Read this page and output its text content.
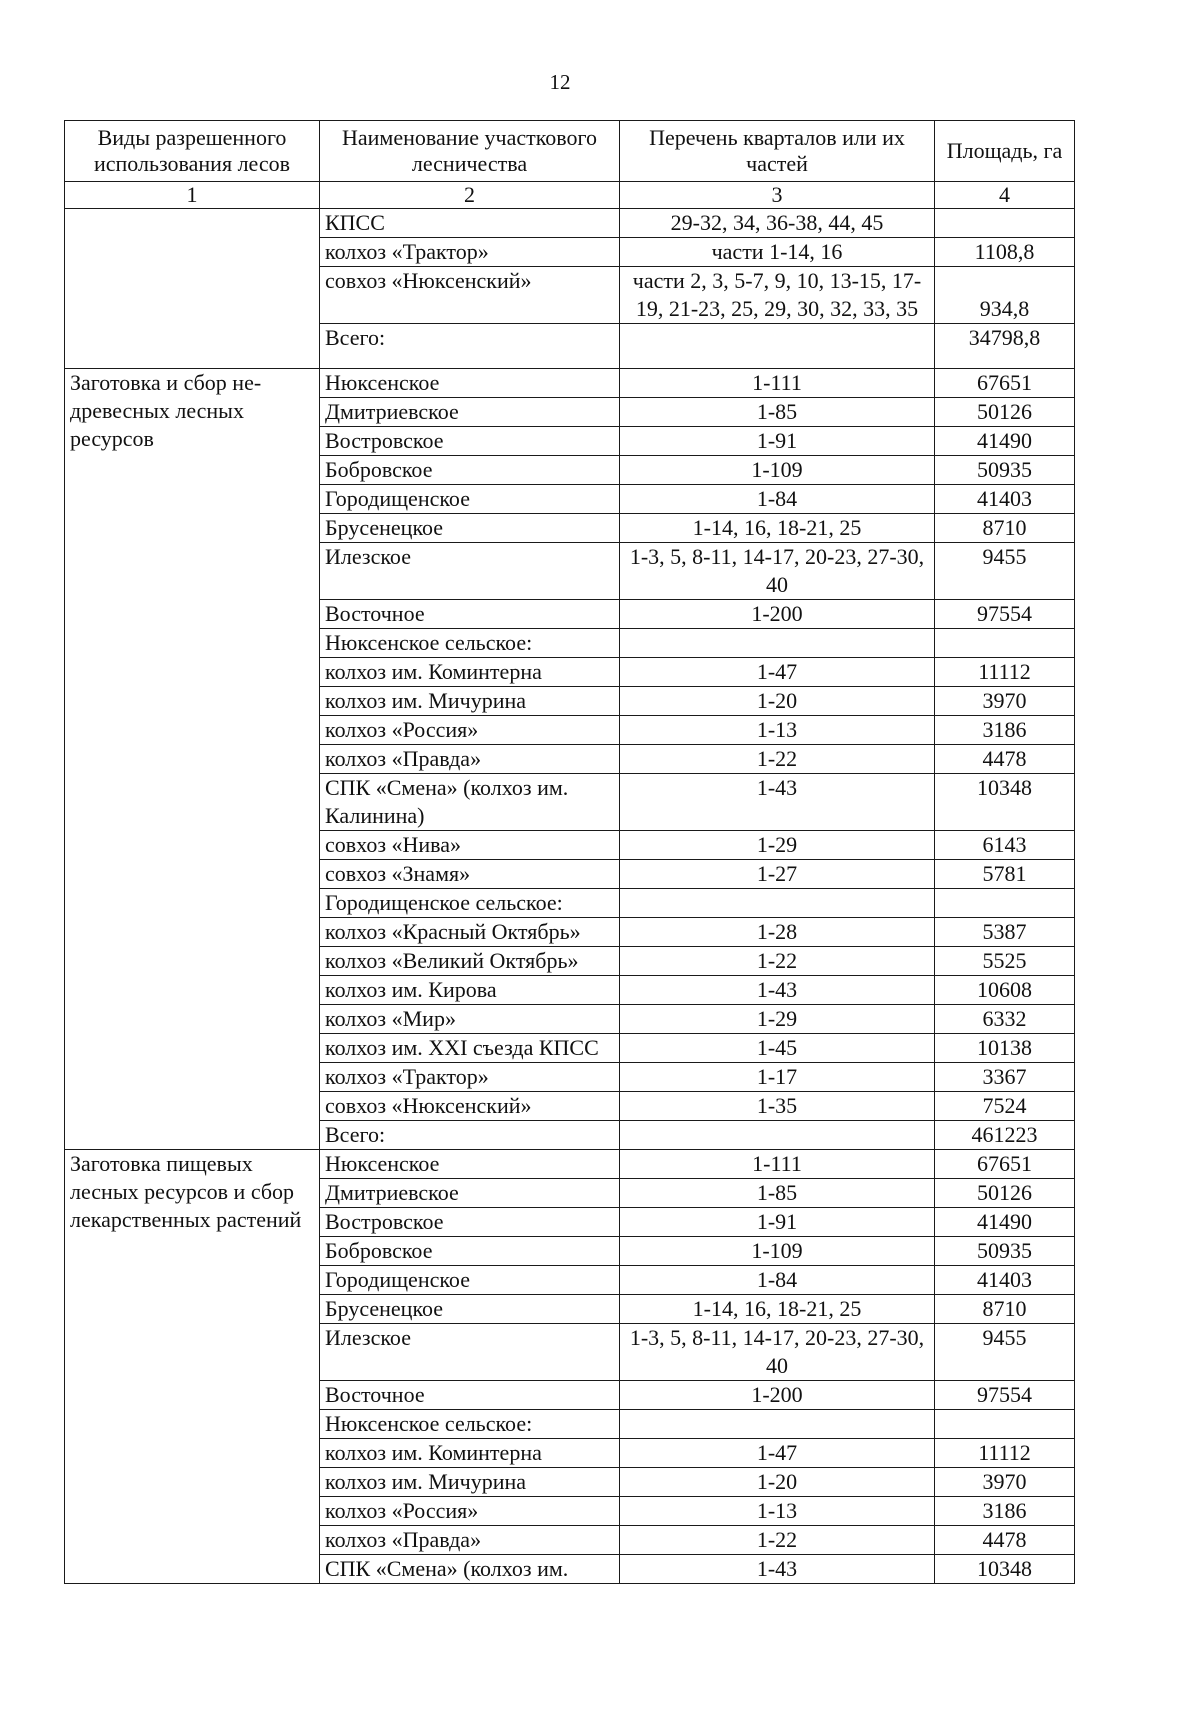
12
Виды разрешенного использования лесов	Наименование участкового лесничества	Перечень кварталов или их частей	Площадь, га
1	2	3	4
	КПСС	29-32, 34, 36-38, 44, 45	
	колхоз «Трактор»	части 1-14, 16	1108,8
	совхоз «Нюксенский»	части 2, 3, 5-7, 9, 10, 13-15, 17-19, 21-23, 25, 29, 30, 32, 33, 35	934,8
	Всего:		34798,8
Заготовка и сбор не-древесных лесных ресурсов	Нюксенское	1-111	67651
	Дмитриевское	1-85	50126
	Востровское	1-91	41490
	Бобровское	1-109	50935
	Городищенское	1-84	41403
	Брусенецкое	1-14, 16, 18-21, 25	8710
	Илезское	1-3, 5, 8-11, 14-17, 20-23, 27-30, 40	9455
	Восточное	1-200	97554
	Нюксенское сельское:		
	колхоз им. Коминтерна	1-47	11112
	колхоз им. Мичурина	1-20	3970
	колхоз «Россия»	1-13	3186
	колхоз «Правда»	1-22	4478
	СПК «Смена» (колхоз им. Калинина)	1-43	10348
	совхоз «Нива»	1-29	6143
	совхоз «Знамя»	1-27	5781
	Городищенское сельское:		
	колхоз «Красный Октябрь»	1-28	5387
	колхоз «Великий Октябрь»	1-22	5525
	колхоз им. Кирова	1-43	10608
	колхоз «Мир»	1-29	6332
	колхоз им. XXI съезда КПСС	1-45	10138
	колхоз «Трактор»	1-17	3367
	совхоз «Нюксенский»	1-35	7524
	Всего:		461223
Заготовка пищевых лесных ресурсов и сбор лекарственных растений	Нюксенское	1-111	67651
	Дмитриевское	1-85	50126
	Востровское	1-91	41490
	Бобровское	1-109	50935
	Городищенское	1-84	41403
	Брусенецкое	1-14, 16, 18-21, 25	8710
	Илезское	1-3, 5, 8-11, 14-17, 20-23, 27-30, 40	9455
	Восточное	1-200	97554
	Нюксенское сельское:		
	колхоз им. Коминтерна	1-47	11112
	колхоз им. Мичурина	1-20	3970
	колхоз «Россия»	1-13	3186
	колхоз «Правда»	1-22	4478
	СПК «Смена» (колхоз им.	1-43	10348
